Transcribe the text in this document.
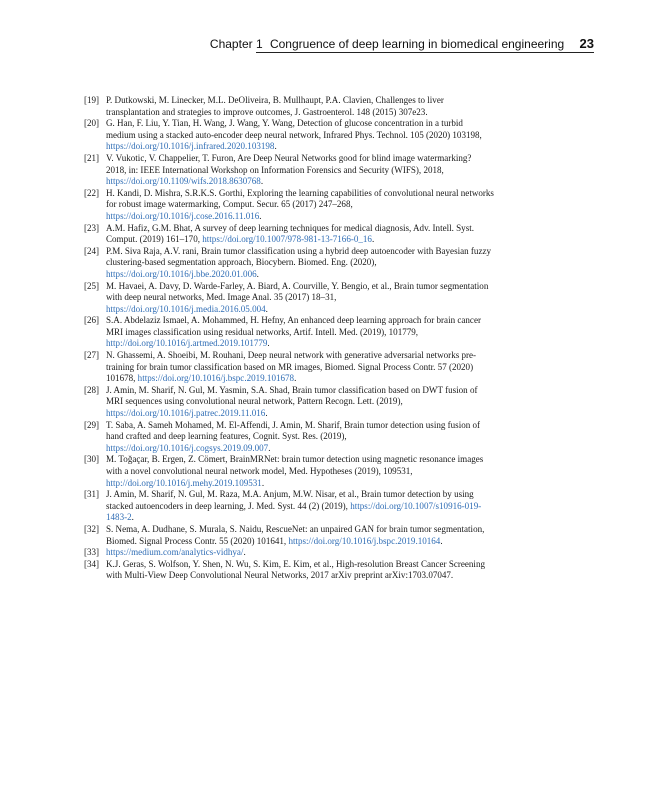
Chapter 1 Congruence of deep learning in biomedical engineering 23
[19] P. Dutkowski, M. Linecker, M.L. DeOliveira, B. Mullhaupt, P.A. Clavien, Challenges to liver transplantation and strategies to improve outcomes, J. Gastroenterol. 148 (2015) 307e23.
[20] G. Han, F. Liu, Y. Tian, H. Wang, J. Wang, Y. Wang, Detection of glucose concentration in a turbid medium using a stacked auto-encoder deep neural network, Infrared Phys. Technol. 105 (2020) 103198, https://doi.org/10.1016/j.infrared.2020.103198.
[21] V. Vukotic, V. Chappelier, T. Furon, Are Deep Neural Networks good for blind image watermarking? 2018, in: IEEE International Workshop on Information Forensics and Security (WIFS), 2018, https://doi.org/10.1109/wifs.2018.8630768.
[22] H. Kandi, D. Mishra, S.R.K.S. Gorthi, Exploring the learning capabilities of convolutional neural networks for robust image watermarking, Comput. Secur. 65 (2017) 247–268, https://doi.org/10.1016/j.cose.2016.11.016.
[23] A.M. Hafiz, G.M. Bhat, A survey of deep learning techniques for medical diagnosis, Adv. Intell. Syst. Comput. (2019) 161–170, https://doi.org/10.1007/978-981-13-7166-0_16.
[24] P.M. Siva Raja, A.V. rani, Brain tumor classification using a hybrid deep autoencoder with Bayesian fuzzy clustering-based segmentation approach, Biocybern. Biomed. Eng. (2020), https://doi.org/10.1016/j.bbe.2020.01.006.
[25] M. Havaei, A. Davy, D. Warde-Farley, A. Biard, A. Courville, Y. Bengio, et al., Brain tumor segmentation with deep neural networks, Med. Image Anal. 35 (2017) 18–31, https://doi.org/10.1016/j.media.2016.05.004.
[26] S.A. Abdelaziz Ismael, A. Mohammed, H. Hefny, An enhanced deep learning approach for brain cancer MRI images classification using residual networks, Artif. Intell. Med. (2019), 101779, http://doi.org/10.1016/j.artmed.2019.101779.
[27] N. Ghassemi, A. Shoeibi, M. Rouhani, Deep neural network with generative adversarial networks pre-training for brain tumor classification based on MR images, Biomed. Signal Process Contr. 57 (2020) 101678, https://doi.org/10.1016/j.bspc.2019.101678.
[28] J. Amin, M. Sharif, N. Gul, M. Yasmin, S.A. Shad, Brain tumor classification based on DWT fusion of MRI sequences using convolutional neural network, Pattern Recogn. Lett. (2019), https://doi.org/10.1016/j.patrec.2019.11.016.
[29] T. Saba, A. Sameh Mohamed, M. El-Affendi, J. Amin, M. Sharif, Brain tumor detection using fusion of hand crafted and deep learning features, Cognit. Syst. Res. (2019), https://doi.org/10.1016/j.cogsys.2019.09.007.
[30] M. Toğaçar, B. Ergen, Z. Cömert, BrainMRNet: brain tumor detection using magnetic resonance images with a novel convolutional neural network model, Med. Hypotheses (2019), 109531, http://doi.org/10.1016/j.mehy.2019.109531.
[31] J. Amin, M. Sharif, N. Gul, M. Raza, M.A. Anjum, M.W. Nisar, et al., Brain tumor detection by using stacked autoencoders in deep learning, J. Med. Syst. 44 (2) (2019), https://doi.org/10.1007/s10916-019-1483-2.
[32] S. Nema, A. Dudhane, S. Murala, S. Naidu, RescueNet: an unpaired GAN for brain tumor segmentation, Biomed. Signal Process Contr. 55 (2020) 101641, https://doi.org/10.1016/j.bspc.2019.10164.
[33] https://medium.com/analytics-vidhya/.
[34] K.J. Geras, S. Wolfson, Y. Shen, N. Wu, S. Kim, E. Kim, et al., High-resolution Breast Cancer Screening with Multi-View Deep Convolutional Neural Networks, 2017 arXiv preprint arXiv:1703.07047.
